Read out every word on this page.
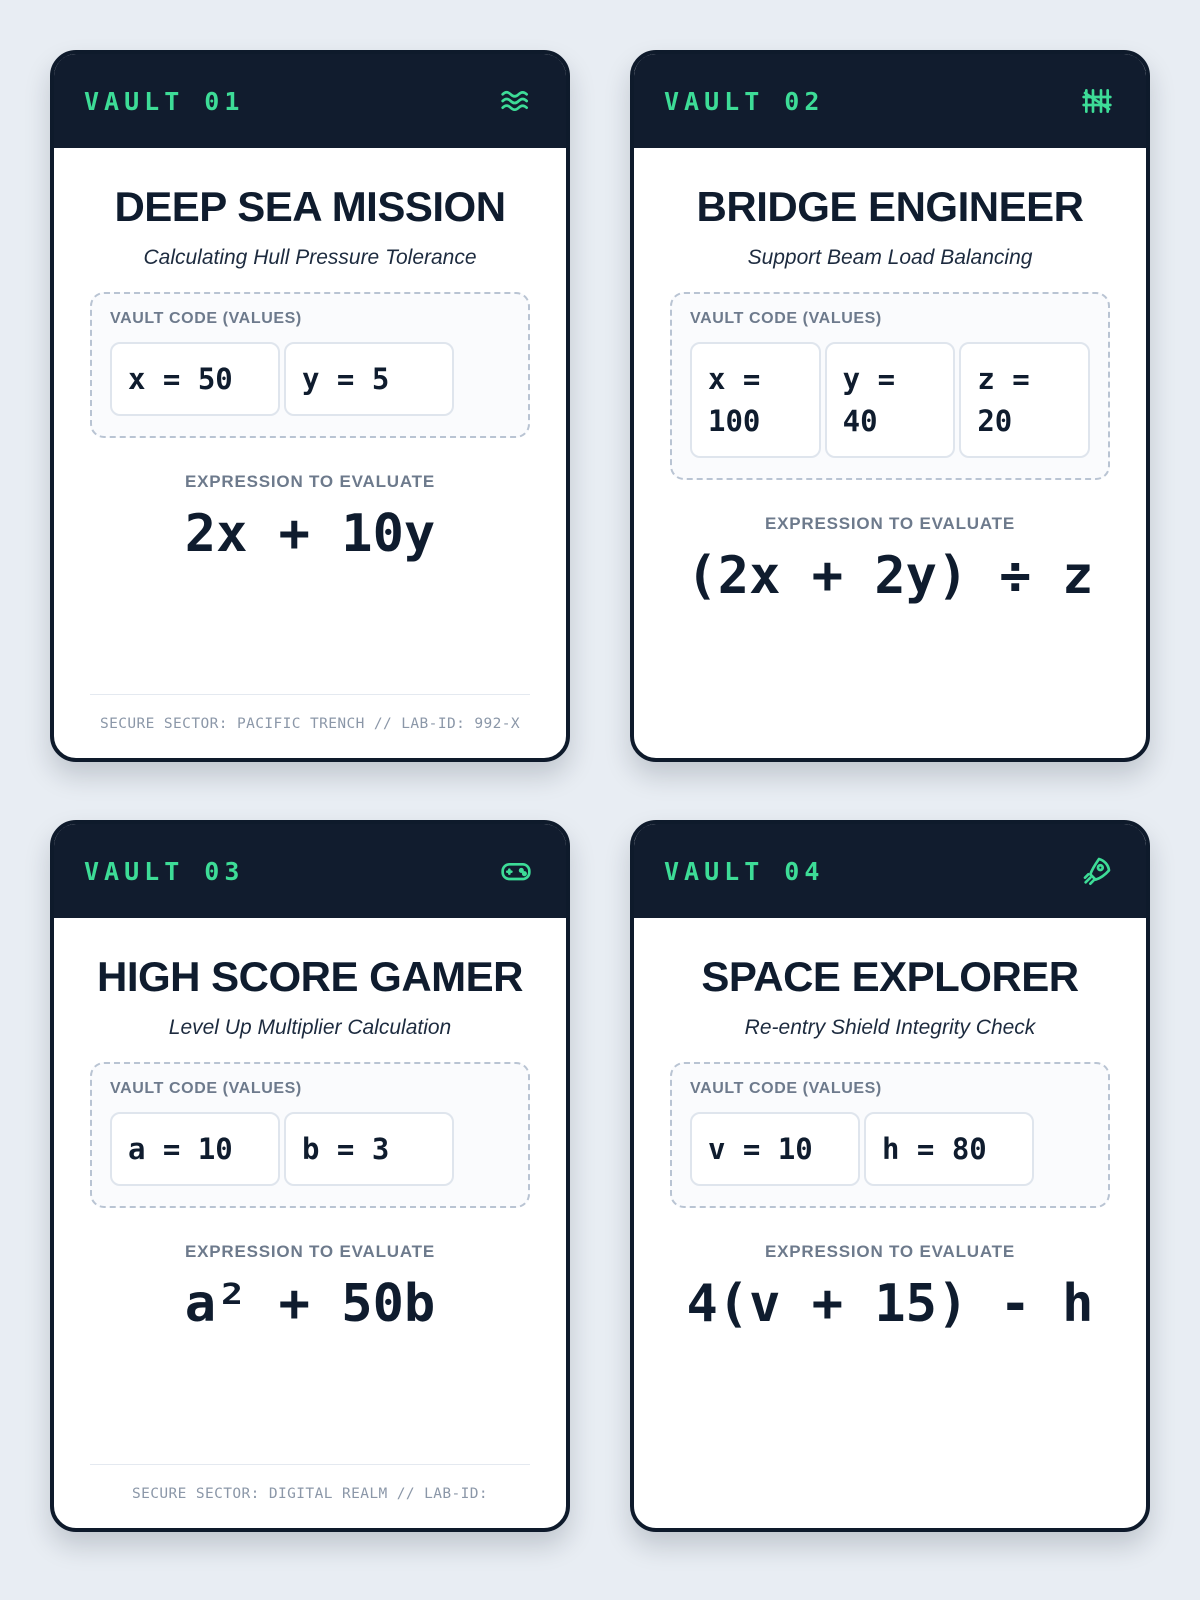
VAULT 01
DEEP SEA MISSION
Calculating Hull Pressure Tolerance
VAULT CODE (VALUES)
x = 50	y = 5
EXPRESSION TO EVALUATE
2x + 10y
SECURE SECTOR: PACIFIC TRENCH // LAB-ID: 992-X
VAULT 02
BRIDGE ENGINEER
Support Beam Load Balancing
VAULT CODE (VALUES)
x = 100
y = 40
z = 20
EXPRESSION TO EVALUATE
(2x + 2y) ÷ z
VAULT 03
HIGH SCORE GAMER
Level Up Multiplier Calculation
VAULT CODE (VALUES)
a = 10	b = 3
EXPRESSION TO EVALUATE
a² + 50b
SECURE SECTOR: DIGITAL REALM // LAB-ID:
VAULT 04
SPACE EXPLORER
Re-entry Shield Integrity Check
VAULT CODE (VALUES)
v = 10	h = 80
EXPRESSION TO EVALUATE
4(v + 15) - h
